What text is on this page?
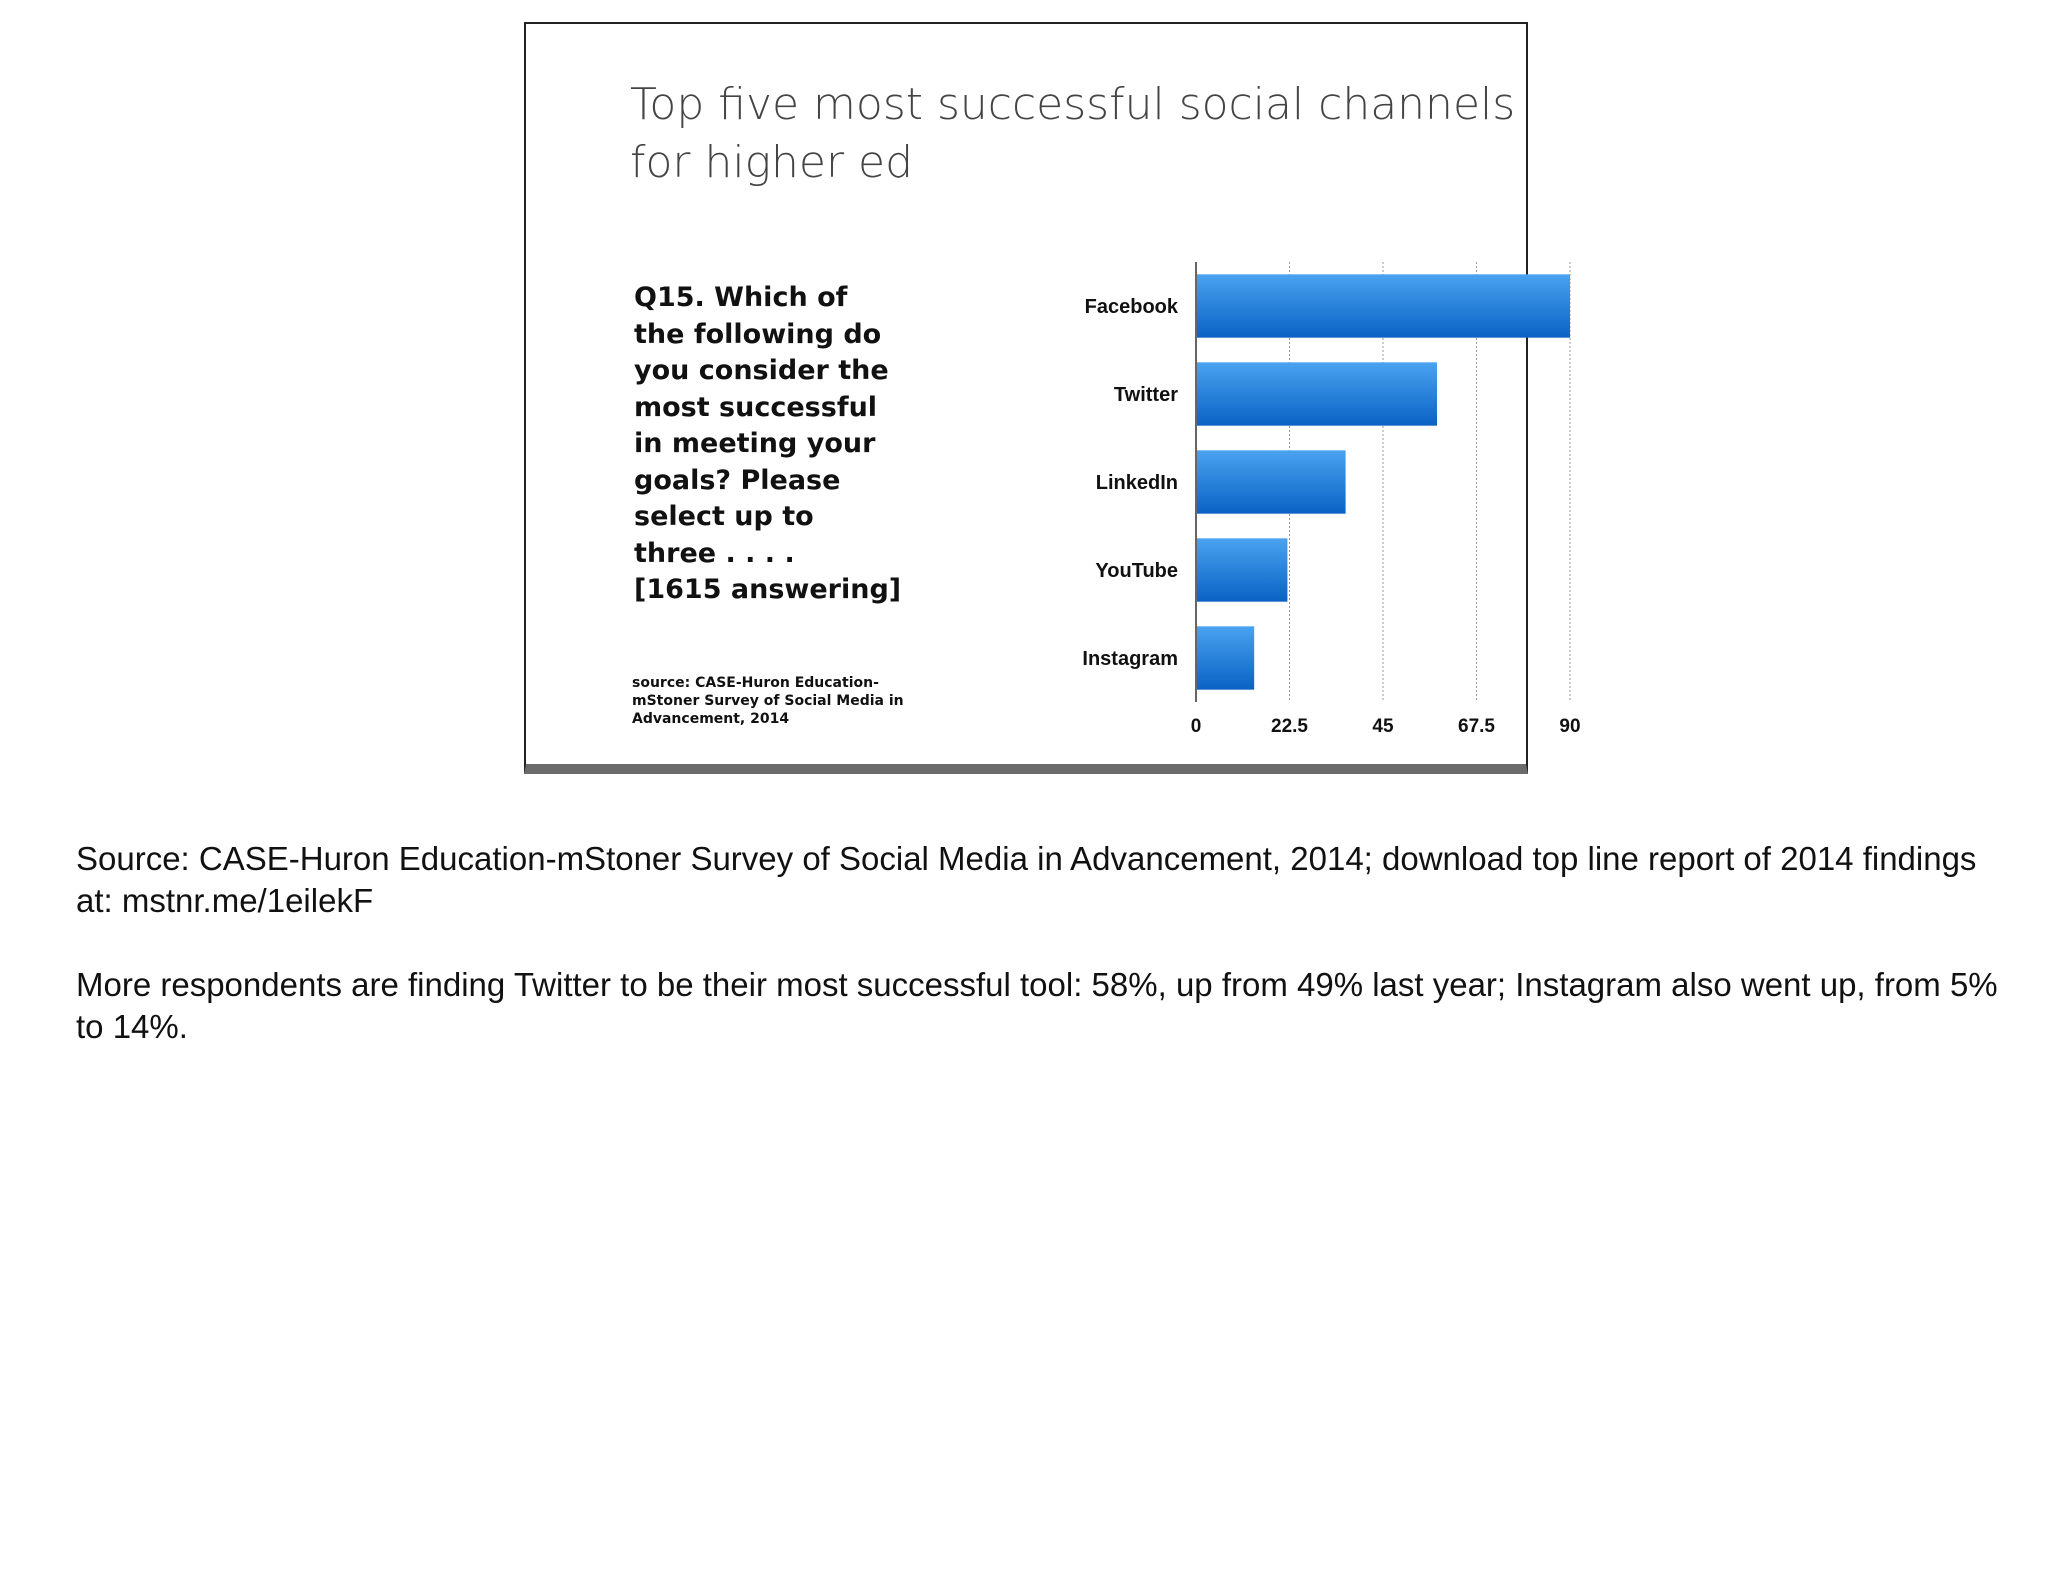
Top five most successful social channels for higher ed

Q15. Which of
the following do
you consider the
most successful
in meeting your
goals? Please
select up to
three . . . .
[1615 answering]

source: CASE-Huron Education-mStoner Survey of Social Media in Advancement, 2014
Facebook
Twitter
LinkedIn
YouTube
Instagram
0	22.5	45	67.5	90

Source: CASE-Huron Education-mStoner Survey of Social Media in Advancement, 2014; download top line report of 2014 findings at: mstnr.me/1eilekF

More respondents are finding Twitter to be their most successful tool: 58%, up from 49% last year; Instagram also went up, from 5% to 14%.
